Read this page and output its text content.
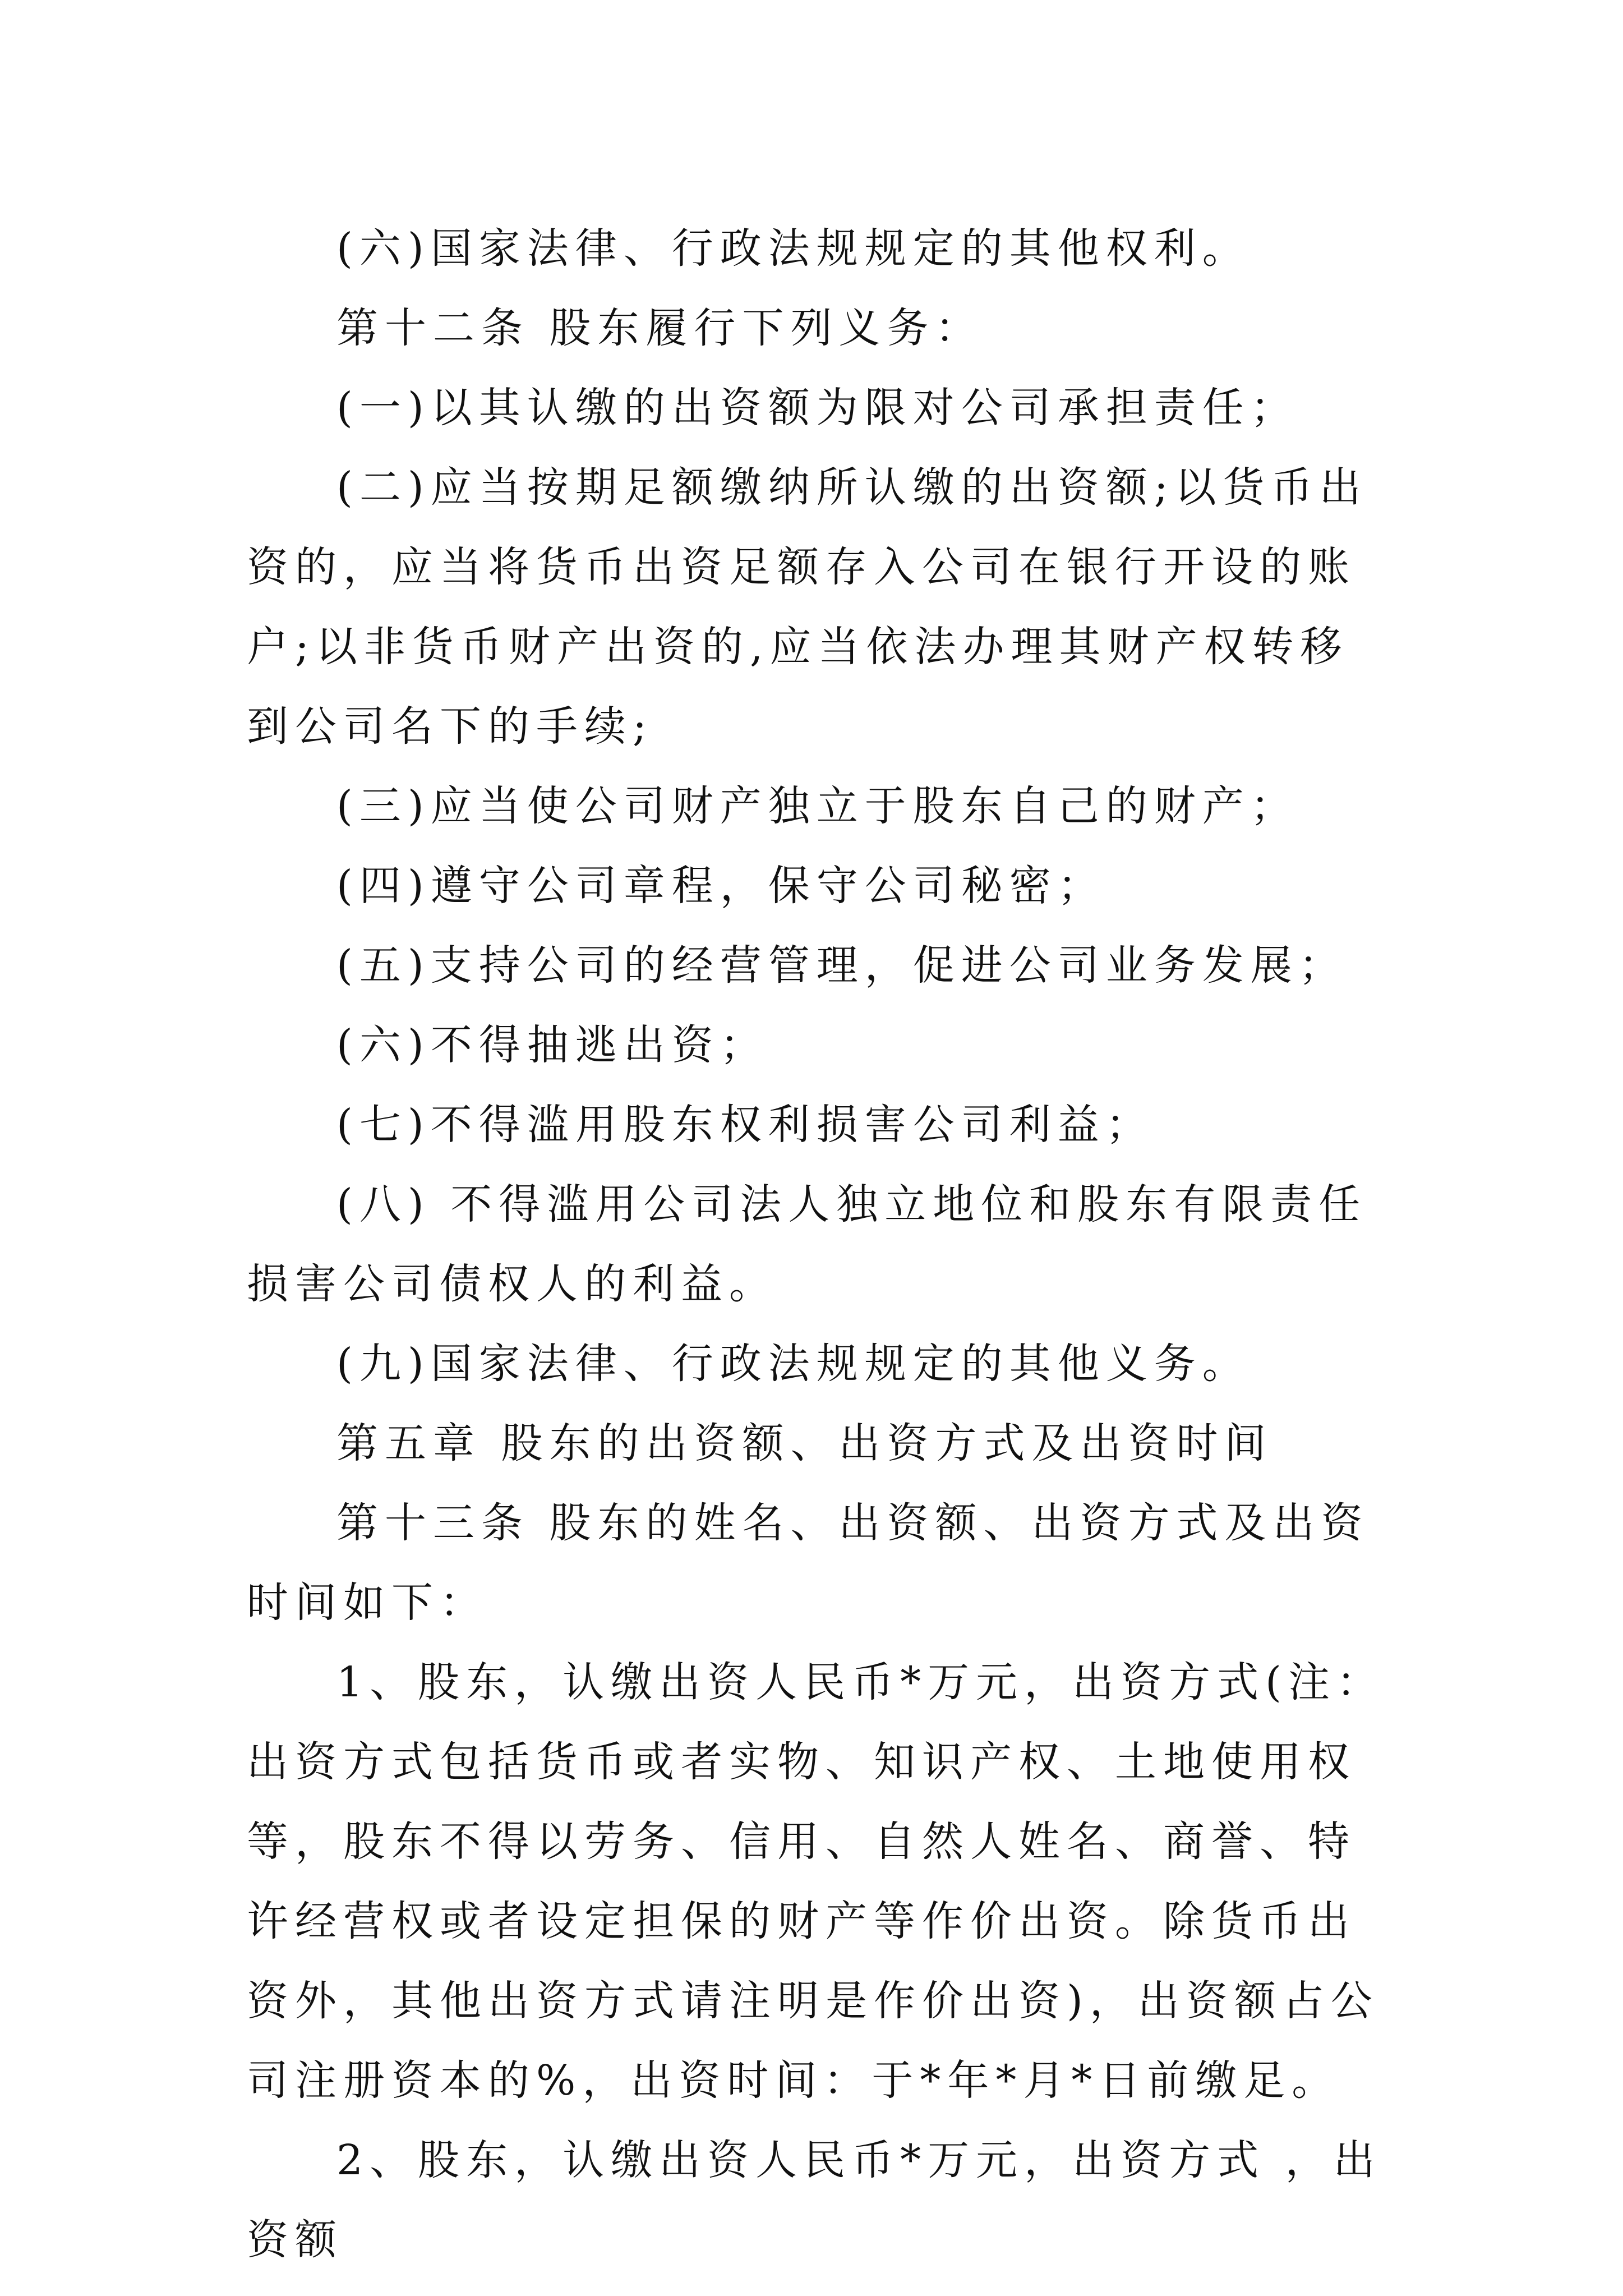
(六)国家法律、行政法规规定的其他权利。

第十二条 股东履行下列义务：

(一)以其认缴的出资额为限对公司承担责任；

(二)应当按期足额缴纳所认缴的出资额;以货币出资的，应当将货币出资足额存入公司在银行开设的账户;以非货币财产出资的,应当依法办理其财产权转移到公司名下的手续;

(三)应当使公司财产独立于股东自己的财产；

(四)遵守公司章程，保守公司秘密；

(五)支持公司的经营管理，促进公司业务发展；

(六)不得抽逃出资；

(七)不得滥用股东权利损害公司利益；

(八) 不得滥用公司法人独立地位和股东有限责任损害公司债权人的利益。

(九)国家法律、行政法规规定的其他义务。

第五章 股东的出资额、出资方式及出资时间

第十三条 股东的姓名、出资额、出资方式及出资时间如下：

1、股东，认缴出资人民币*万元，出资方式(注：出资方式包括货币或者实物、知识产权、土地使用权等，股东不得以劳务、信用、自然人姓名、商誉、特许经营权或者设定担保的财产等作价出资。除货币出资外，其他出资方式请注明是作价出资)，出资额占公司注册资本的%，出资时间：于*年*月*日前缴足。

2、股东，认缴出资人民币*万元，出资方式 ，出资额
